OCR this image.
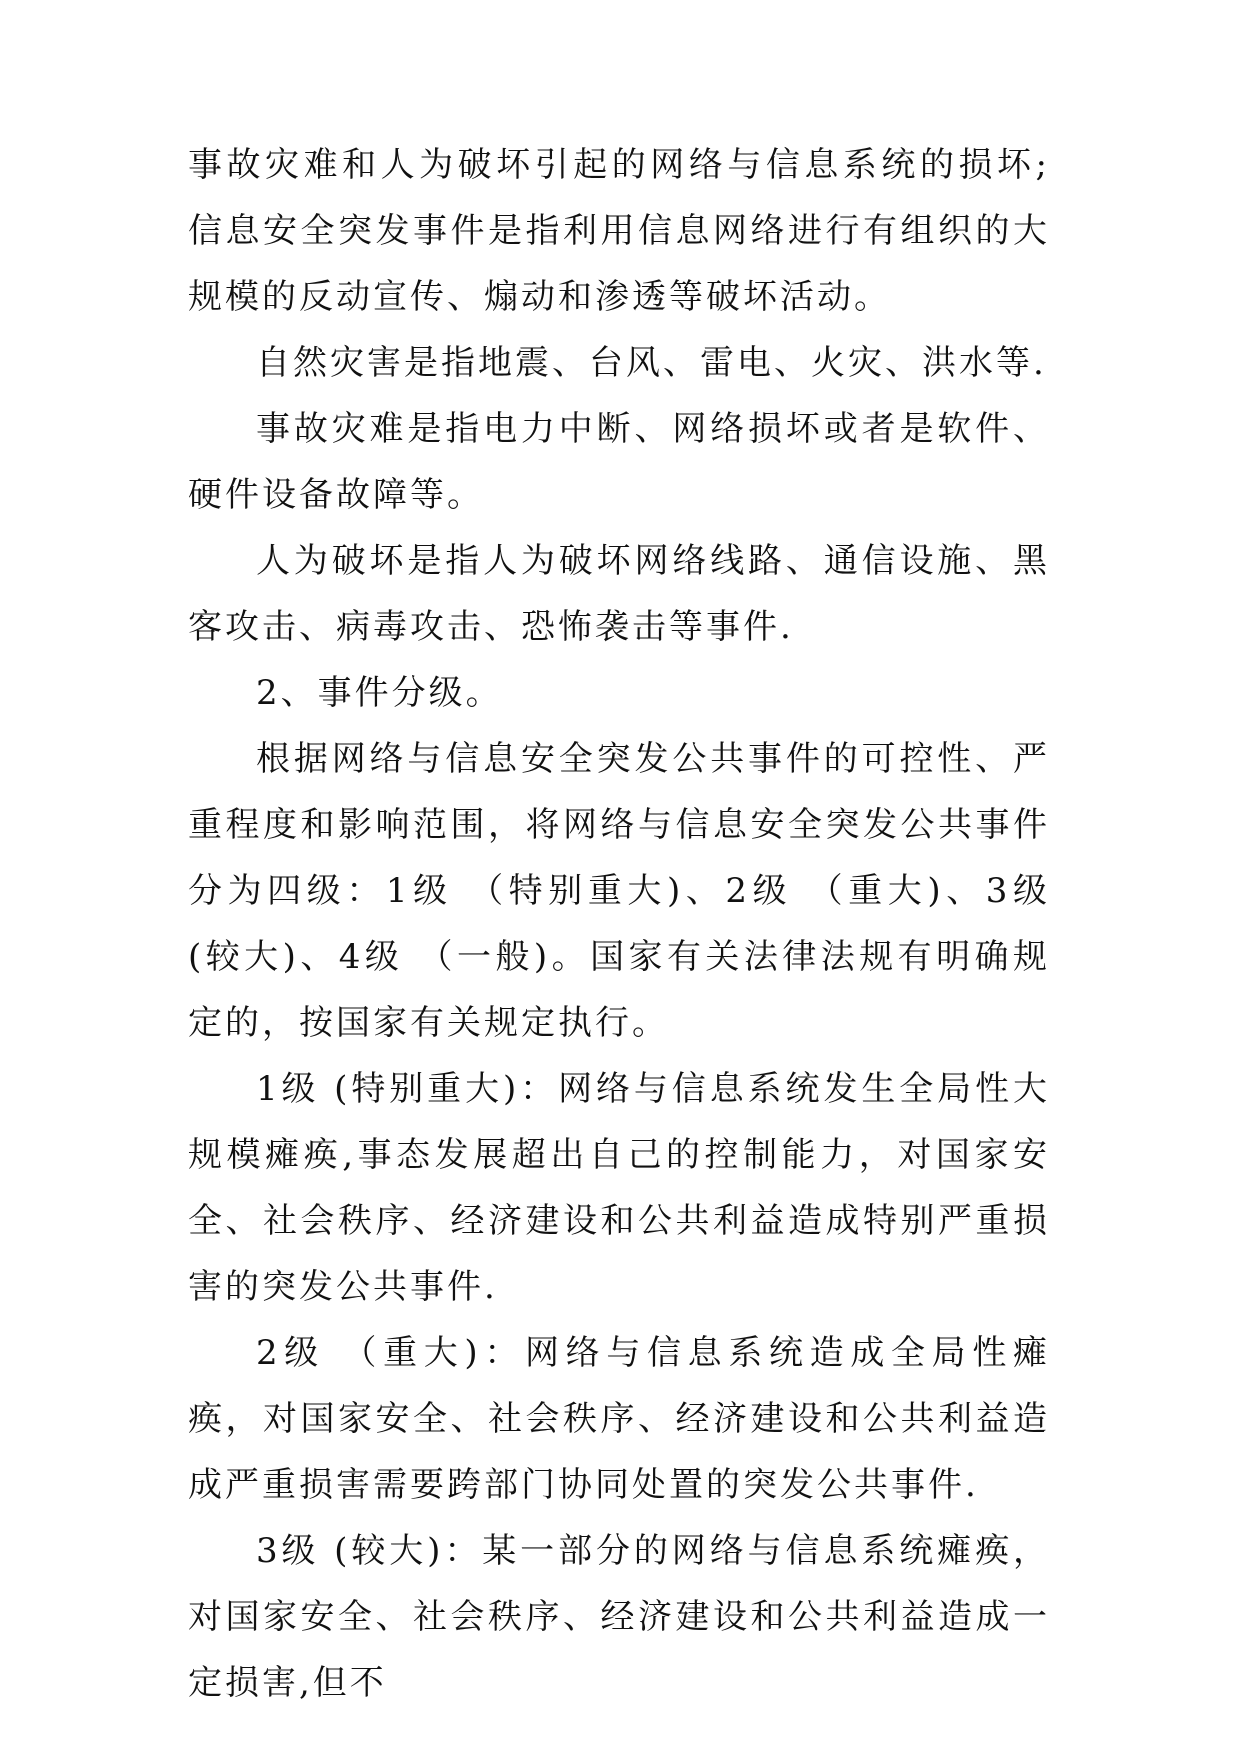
事故灾难和人为破坏引起的网络与信息系统的损坏;信息安全突发事件是指利用信息网络进行有组织的大规模的反动宣传、煽动和渗透等破坏活动。

自然灾害是指地震、台风、雷电、火灾、洪水等.

事故灾难是指电力中断、网络损坏或者是软件、硬件设备故障等。

人为破坏是指人为破坏网络线路、通信设施、黑客攻击、病毒攻击、恐怖袭击等事件.

2、事件分级。

根据网络与信息安全突发公共事件的可控性、严重程度和影响范围，将网络与信息安全突发公共事件分为四级：1级 （特别重大)、2级 （重大)、3级 (较大)、4级 （一般)。国家有关法律法规有明确规定的，按国家有关规定执行。

1级 (特别重大)：网络与信息系统发生全局性大规模瘫痪,事态发展超出自己的控制能力，对国家安全、社会秩序、经济建设和公共利益造成特别严重损害的突发公共事件.

2级 （重大)：网络与信息系统造成全局性瘫痪，对国家安全、社会秩序、经济建设和公共利益造成严重损害需要跨部门协同处置的突发公共事件.

3级 (较大)：某一部分的网络与信息系统瘫痪，对国家安全、社会秩序、经济建设和公共利益造成一定损害,但不
